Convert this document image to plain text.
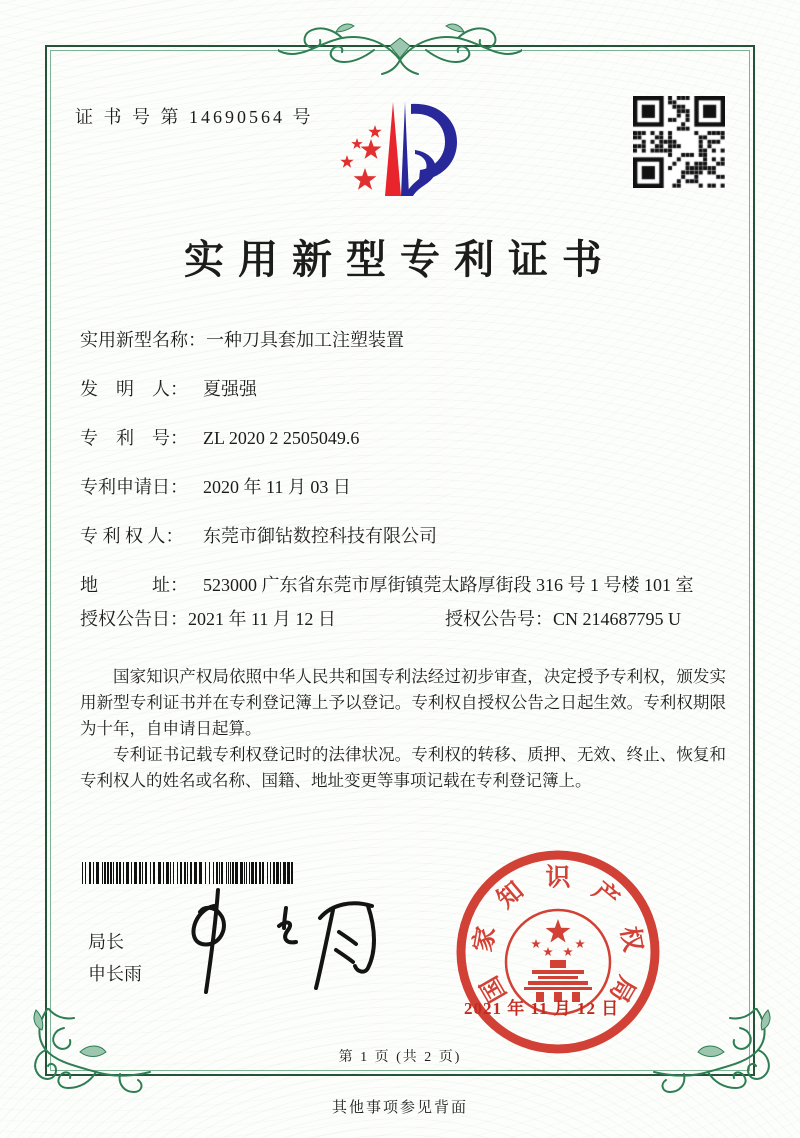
证 书 号 第 14690564 号
实用新型专利证书
实用新型名称： 一种刀具套加工注塑装置
发　明　人： 夏强强
专　利　号： ZL 2020 2 2505049.6
专利申请日： 2020 年 11 月 03 日
专 利 权 人：	东莞市御钻数控科技有限公司
地　　　址： 523000 广东省东莞市厚街镇莞太路厚街段 316 号 1 号楼 101 室
授权公告日： 2021 年 11 月 12 日	授权公告号： CN 214687795 U

国家知识产权局依照中华人民共和国专利法经过初步审查，决定授予专利权，颁发实用新型专利证书并在专利登记簿上予以登记。专利权自授权公告之日起生效。专利权期限为十年，自申请日起算。

专利证书记载专利权登记时的法律状况。专利权的转移、质押、无效、终止、恢复和专利权人的姓名或名称、国籍、地址变更等事项记载在专利登记簿上。

局长
申长雨	国
家
知 识 产
权
局
2021 年 11 月 12 日
第 1 页 (共 2 页)
其他事项参见背面
